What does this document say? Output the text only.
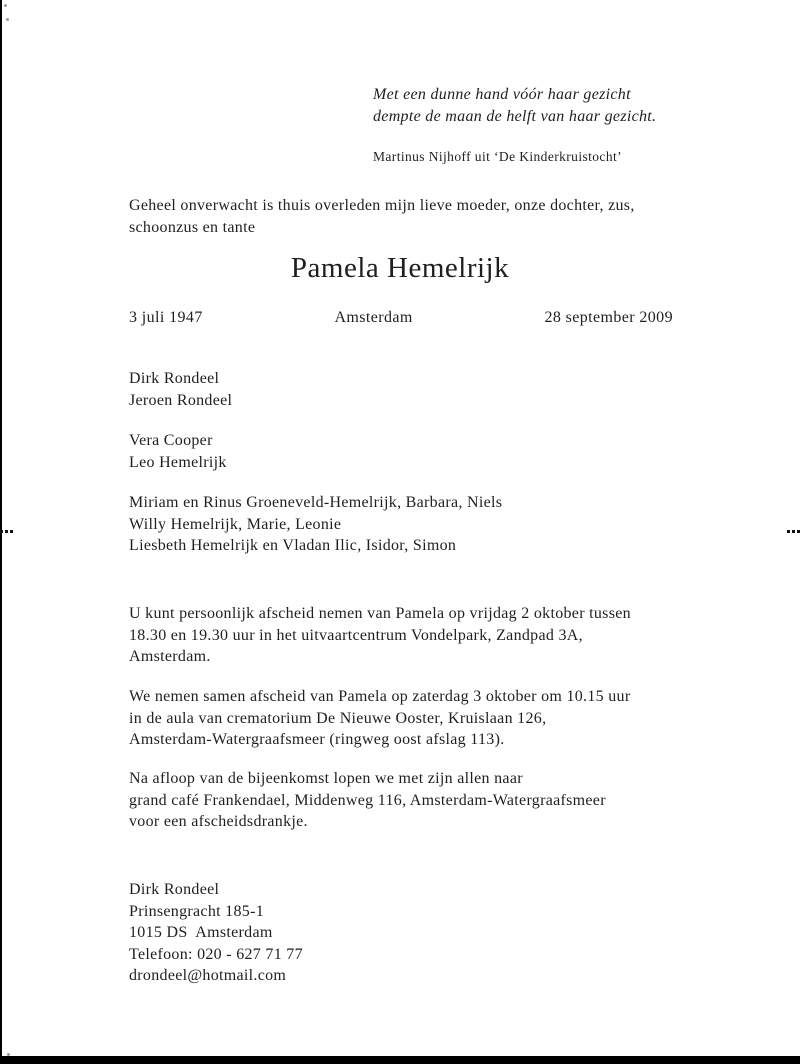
Met een dunne hand vóór haar gezicht
dempte de maan de helft van haar gezicht.
Martinus Nijhoff uit ‘De Kinderkruistocht’
Geheel onverwacht is thuis overleden mijn lieve moeder, onze dochter, zus,
schoonzus en tante
Pamela Hemelrijk
3 juli 1947	Amsterdam	28 september 2009
Dirk Rondeel
Jeroen Rondeel
Vera Cooper
Leo Hemelrijk
Miriam en Rinus Groeneveld-Hemelrijk, Barbara, Niels
Willy Hemelrijk, Marie, Leonie
Liesbeth Hemelrijk en Vladan Ilic, Isidor, Simon
U kunt persoonlijk afscheid nemen van Pamela op vrijdag 2 oktober tussen
18.30 en 19.30 uur in het uitvaartcentrum Vondelpark, Zandpad 3A,
Amsterdam.
We nemen samen afscheid van Pamela op zaterdag 3 oktober om 10.15 uur
in de aula van crematorium De Nieuwe Ooster, Kruislaan 126,
Amsterdam-Watergraafsmeer (ringweg oost afslag 113).
Na afloop van de bijeenkomst lopen we met zijn allen naar
grand café Frankendael, Middenweg 116, Amsterdam-Watergraafsmeer
voor een afscheidsdrankje.
Dirk Rondeel
Prinsengracht 185-1
1015 DS  Amsterdam
Telefoon: 020 - 627 71 77
drondeel@hotmail.com
